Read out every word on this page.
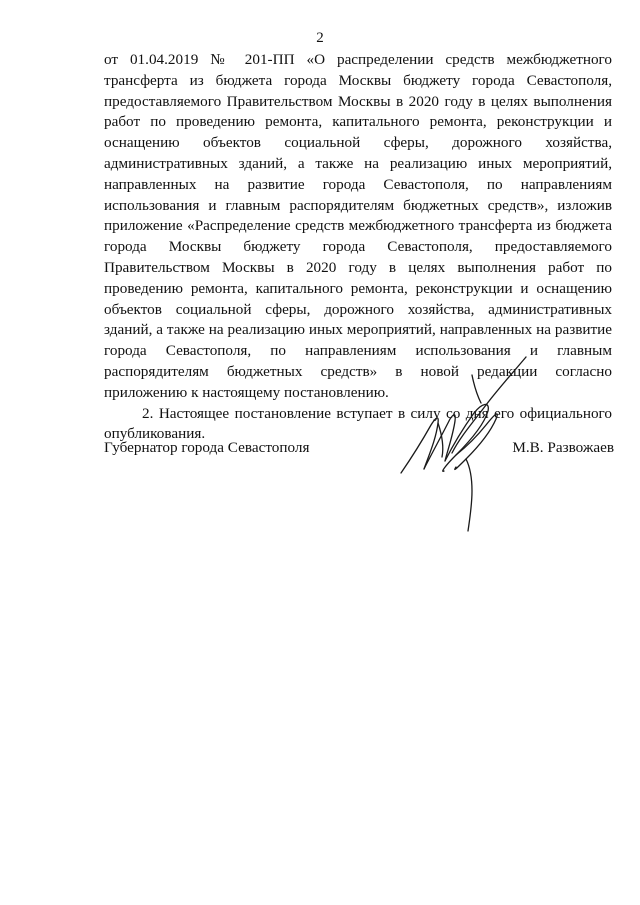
2

от 01.04.2019 № 201-ПП «О распределении средств межбюджетного трансферта из бюджета города Москвы бюджету города Севастополя, предоставляемого Правительством Москвы в 2020 году в целях выполнения работ по проведению ремонта, капитального ремонта, реконструкции и оснащению объектов социальной сферы, дорожного хозяйства, административных зданий, а также на реализацию иных мероприятий, направленных на развитие города Севастополя, по направлениям использования и главным распорядителям бюджетных средств», изложив приложение «Распределение средств межбюджетного трансферта из бюджета города Москвы бюджету города Севастополя, предоставляемого Правительством Москвы в 2020 году в целях выполнения работ по проведению ремонта, капитального ремонта, реконструкции и оснащению объектов социальной сферы, дорожного хозяйства, административных зданий, а также на реализацию иных мероприятий, направленных на развитие города Севастополя, по направлениям использования и главным распорядителям бюджетных средств» в новой редакции согласно приложению к настоящему постановлению.

2. Настоящее постановление вступает в силу со дня его официального опубликования.

Губернатор города Севастополя	М.В. Развожаев
